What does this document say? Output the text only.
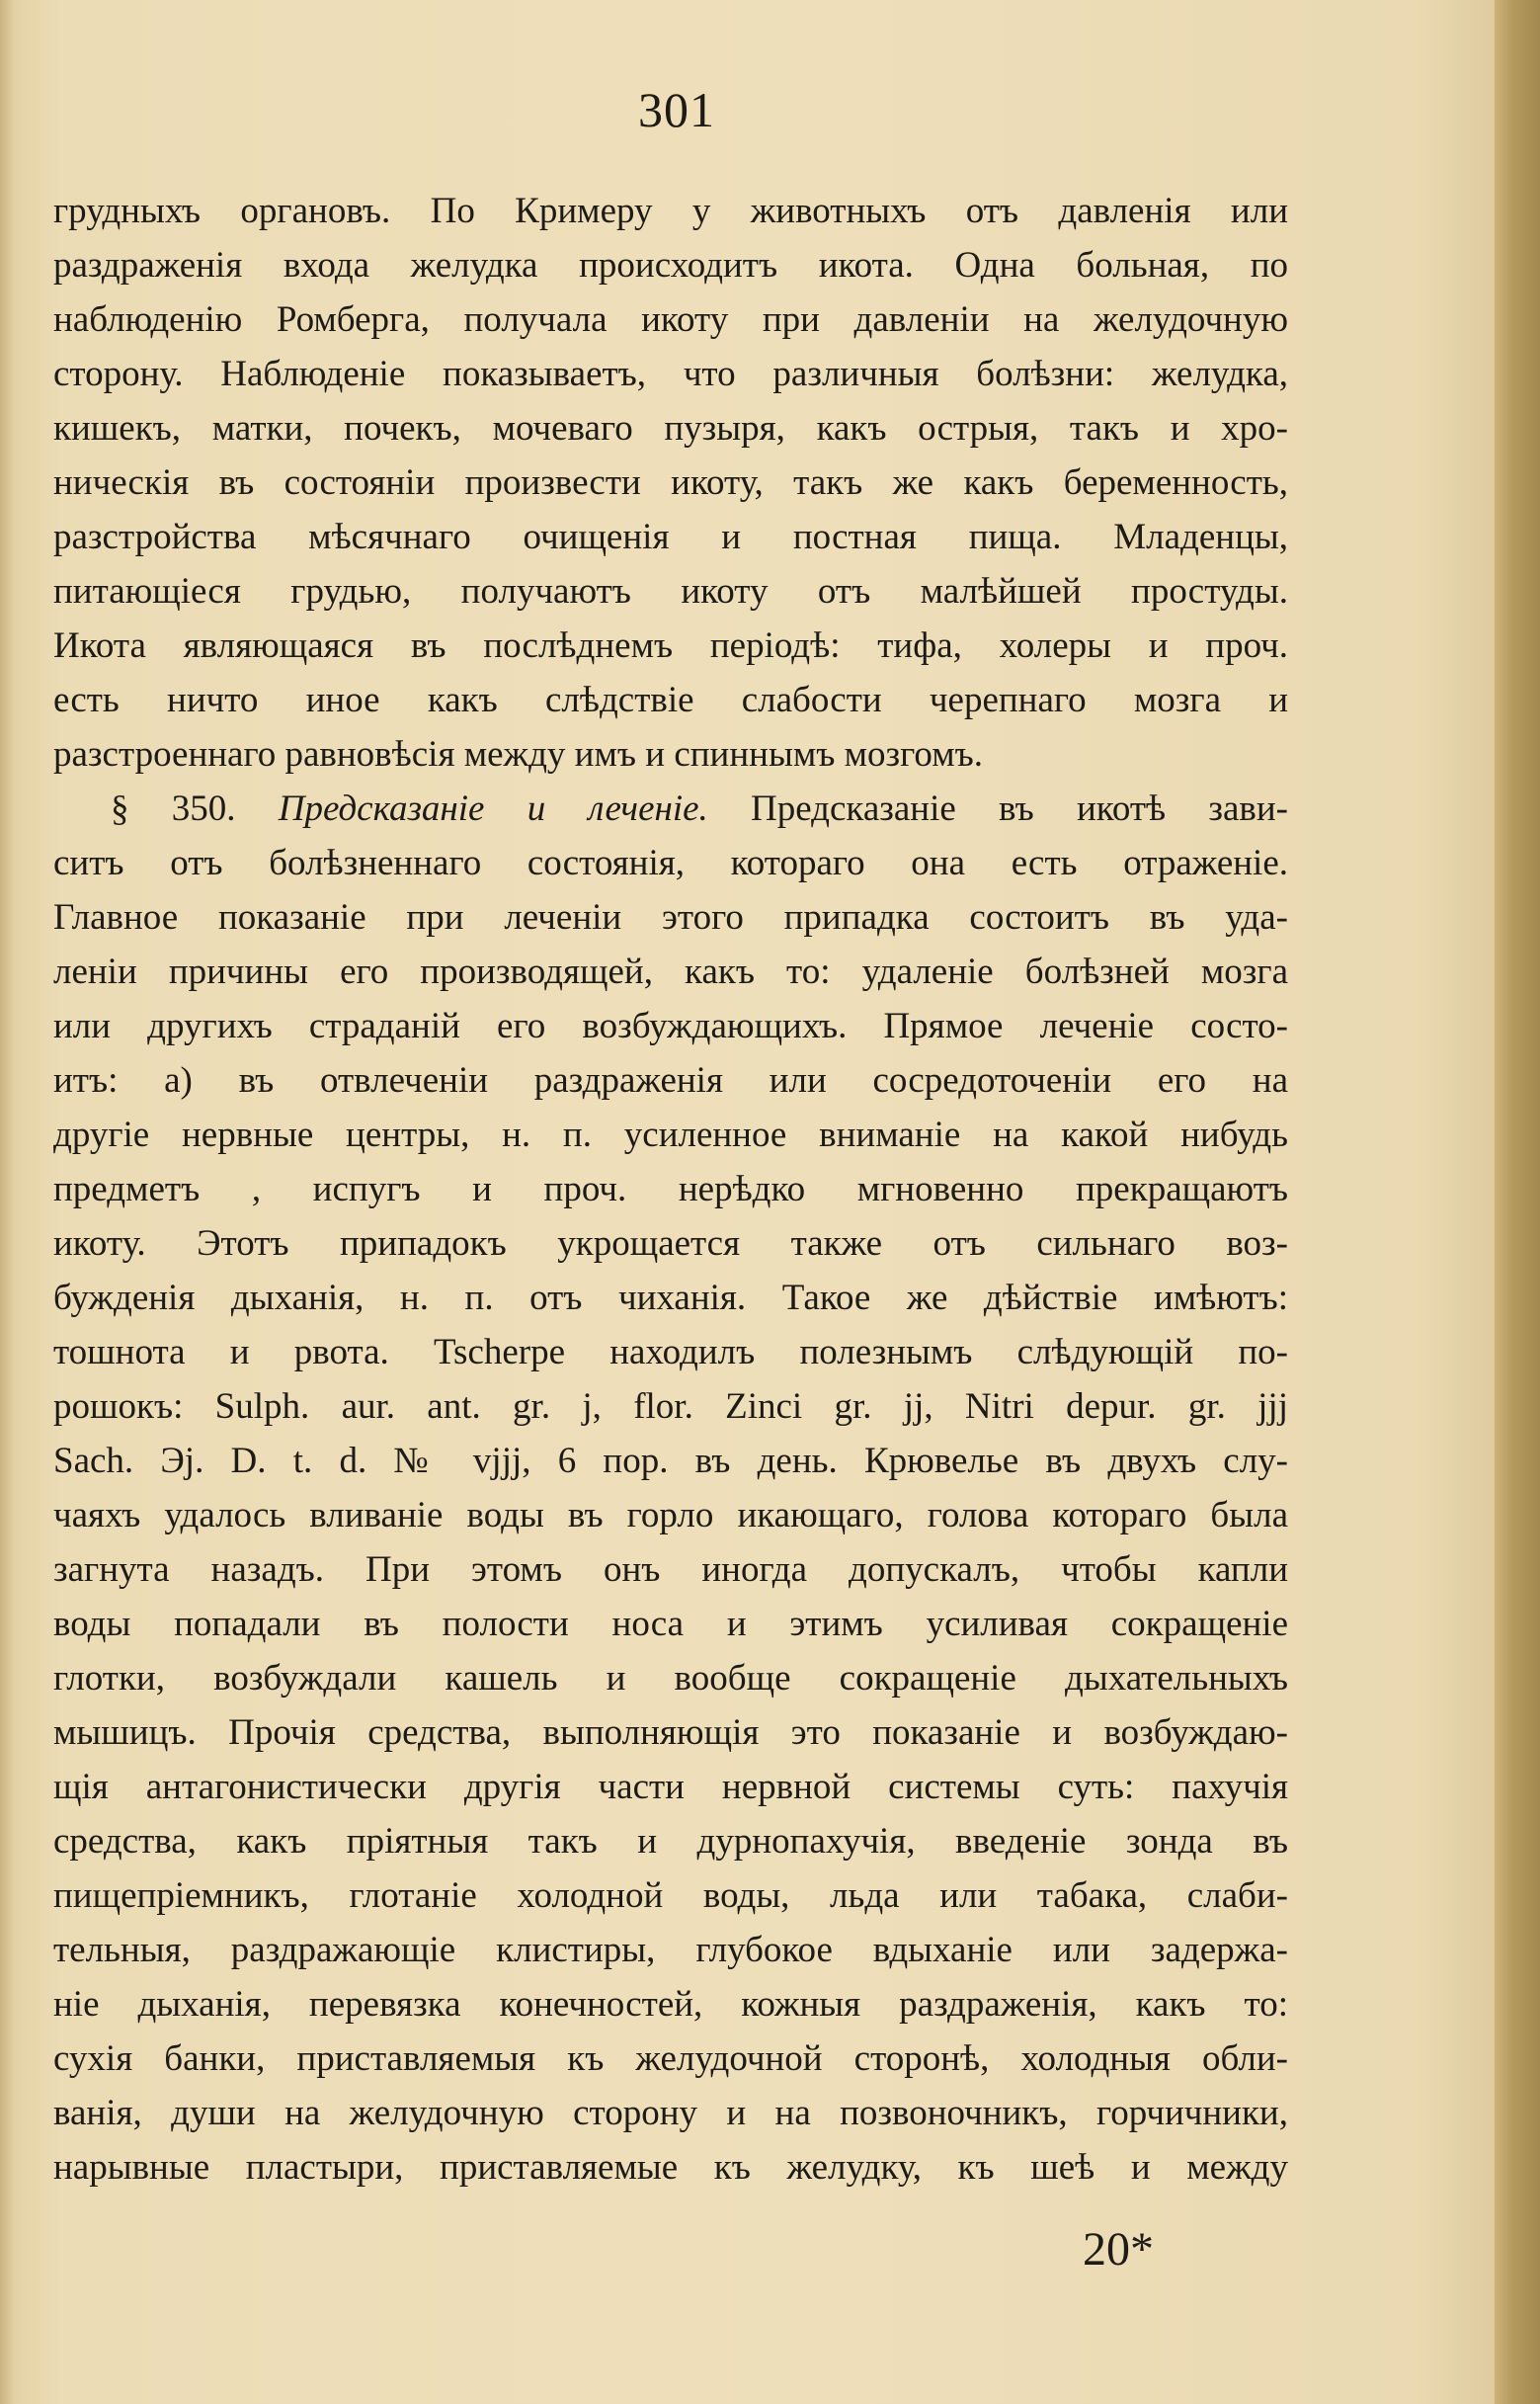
301
грудныхъ органовъ. По Кримеру у животныхъ отъ давленія или
раздраженія входа желудка происходитъ икота. Одна больная, по
наблюденію Ромберга, получала икоту при давленіи на желудочную
сторону. Наблюденіе показываетъ, что различныя болѣзни: желудка,
кишекъ, матки, почекъ, мочеваго пузыря, какъ острыя, такъ и хро-
ническія въ состояніи произвести икоту, такъ же какъ беременность,
разстройства мѣсячнаго очищенія и постная пища. Младенцы,
питающіеся грудью, получаютъ икоту отъ малѣйшей простуды.
Икота являющаяся въ послѣднемъ періодѣ: тифа, холеры и проч.
есть ничто иное какъ слѣдствіе слабости черепнаго мозга и
разстроеннаго равновѣсія между имъ и спиннымъ мозгомъ.
§ 350. Предсказаніе и леченіе. Предсказаніе въ икотѣ зави-
ситъ отъ болѣзненнаго состоянія, котораго она есть отраженіе.
Главное показаніе при леченіи этого припадка состоитъ въ уда-
леніи причины его производящей, какъ то: удаленіе болѣзней мозга
или другихъ страданій его возбуждающихъ. Прямое леченіе состо-
итъ: а) въ отвлеченіи раздраженія или сосредоточеніи его на
другіе нервные центры, н. п. усиленное вниманіе на какой нибудь
предметъ , испугъ и проч. нерѣдко мгновенно прекращаютъ
икоту. Этотъ припадокъ укрощается также отъ сильнаго воз-
бужденія дыханія, н. п. отъ чиханія. Такое же дѣйствіе имѣютъ:
тошнота и рвота. Tsсherре находилъ полезнымъ слѣдующій по-
рошокъ: Sulph. aur. ant. gr. j, flor. Zinci gr. jj, Nitri depur. gr. jjj
Sach. Эj. D. t. d. № vjjj, 6 пор. въ день. Крювелье въ двухъ слу-
чаяхъ удалось вливаніе воды въ горло икающаго, голова котораго была
загнута назадъ. При этомъ онъ иногда допускалъ, чтобы капли
воды попадали въ полости носа и этимъ усиливая сокращеніе
глотки, возбуждали кашель и вообще сокращеніе дыхательныхъ
мышицъ. Прочія средства, выполняющія это показаніе и возбуждаю-
щія антагонистически другія части нервной системы суть: пахучія
средства, какъ пріятныя такъ и дурнопахучія, введеніе зонда въ
пищепріемникъ, глотаніе холодной воды, льда или табака, слаби-
тельныя, раздражающіе клистиры, глубокое вдыханіе или задержа-
ніе дыханія, перевязка конечностей, кожныя раздраженія, какъ то:
сухія банки, приставляемыя къ желудочной сторонѣ, холодныя обли-
ванія, души на желудочную сторону и на позвоночникъ, горчичники,
нарывные пластыри, приставляемые къ желудку, къ шеѣ и между
20*
